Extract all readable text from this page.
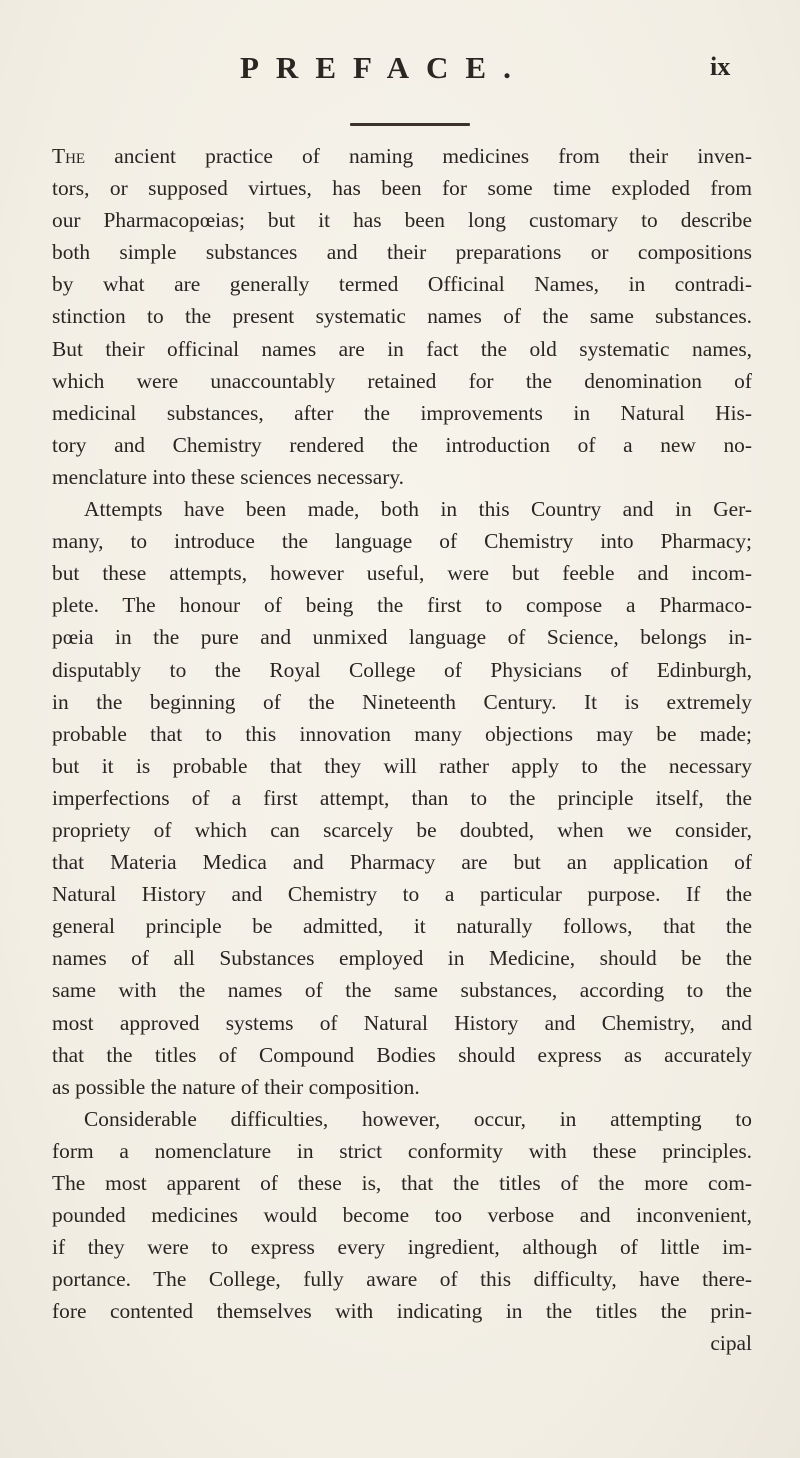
PREFACE.	ix
The ancient practice of naming medicines from their inven-
tors, or supposed virtues, has been for some time exploded from
our Pharmacopœias; but it has been long customary to describe
both simple substances and their preparations or compositions
by what are generally termed Officinal Names, in contradi-
stinction to the present systematic names of the same substances.
But their officinal names are in fact the old systematic names,
which were unaccountably retained for the denomination of
medicinal substances, after the improvements in Natural His-
tory and Chemistry rendered the introduction of a new no-
menclature into these sciences necessary.
Attempts have been made, both in this Country and in Ger-
many, to introduce the language of Chemistry into Pharmacy;
but these attempts, however useful, were but feeble and incom-
plete. The honour of being the first to compose a Pharmaco-
pœia in the pure and unmixed language of Science, belongs in-
disputably to the Royal College of Physicians of Edinburgh,
in the beginning of the Nineteenth Century. It is extremely
probable that to this innovation many objections may be made;
but it is probable that they will rather apply to the necessary
imperfections of a first attempt, than to the principle itself, the
propriety of which can scarcely be doubted, when we consider,
that Materia Medica and Pharmacy are but an application of
Natural History and Chemistry to a particular purpose. If the
general principle be admitted, it naturally follows, that the
names of all Substances employed in Medicine, should be the
same with the names of the same substances, according to the
most approved systems of Natural History and Chemistry, and
that the titles of Compound Bodies should express as accurately
as possible the nature of their composition.
Considerable difficulties, however, occur, in attempting to
form a nomenclature in strict conformity with these principles.
The most apparent of these is, that the titles of the more com-
pounded medicines would become too verbose and inconvenient,
if they were to express every ingredient, although of little im-
portance. The College, fully aware of this difficulty, have there-
fore contented themselves with indicating in the titles the prin-
cipal
